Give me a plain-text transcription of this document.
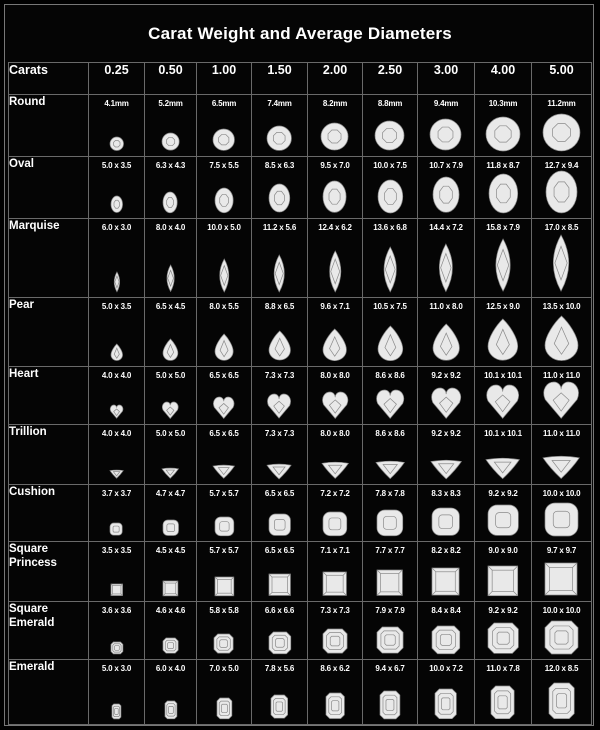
Carat Weight and Average Diameters
Carats	0.25	0.50	1.00	1.50	2.00	2.50	3.00	4.00	5.00
Round	4.1mm	5.2mm	6.5mm	7.4mm	8.2mm	8.8mm	9.4mm	10.3mm	11.2mm

Oval	5.0 x 3.5	6.3 x 4.3	7.5 x 5.5	8.5 x 6.3	9.5 x 7.0	10.0 x 7.5	10.7 x 7.9	11.8 x 8.7	12.7 x 9.4

Marquise	6.0 x 3.0	8.0 x 4.0	10.0 x 5.0	11.2 x 5.6	12.4 x 6.2	13.6 x 6.8	14.4 x 7.2	15.8 x 7.9	17.0 x 8.5

Pear	5.0 x 3.5	6.5 x 4.5	8.0 x 5.5	8.8 x 6.5	9.6 x 7.1	10.5 x 7.5	11.0 x 8.0	12.5 x 9.0	13.5 x 10.0

Heart	4.0 x 4.0	5.0 x 5.0	6.5 x 6.5	7.3 x 7.3	8.0 x 8.0	8.6 x 8.6	9.2 x 9.2	10.1 x 10.1	11.0 x 11.0

Trillion	4.0 x 4.0	5.0 x 5.0	6.5 x 6.5	7.3 x 7.3	8.0 x 8.0	8.6 x 8.6	9.2 x 9.2	10.1 x 10.1	11.0 x 11.0

Cushion	3.7 x 3.7	4.7 x 4.7	5.7 x 5.7	6.5 x 6.5	7.2 x 7.2	7.8 x 7.8	8.3 x 8.3	9.2 x 9.2	10.0 x 10.0

Square
Princess	3.5 x 3.5	4.5 x 4.5	5.7 x 5.7	6.5 x 6.5	7.1 x 7.1	7.7 x 7.7	8.2 x 8.2	9.0 x 9.0	9.7 x 9.7

Square
Emerald	3.6 x 3.6	4.6 x 4.6	5.8 x 5.8	6.6 x 6.6	7.3 x 7.3	7.9 x 7.9	8.4 x 8.4	9.2 x 9.2	10.0 x 10.0

Emerald	5.0 x 3.0	6.0 x 4.0	7.0 x 5.0	7.8 x 5.6	8.6 x 6.2	9.4 x 6.7	10.0 x 7.2	11.0 x 7.8	12.0 x 8.5
